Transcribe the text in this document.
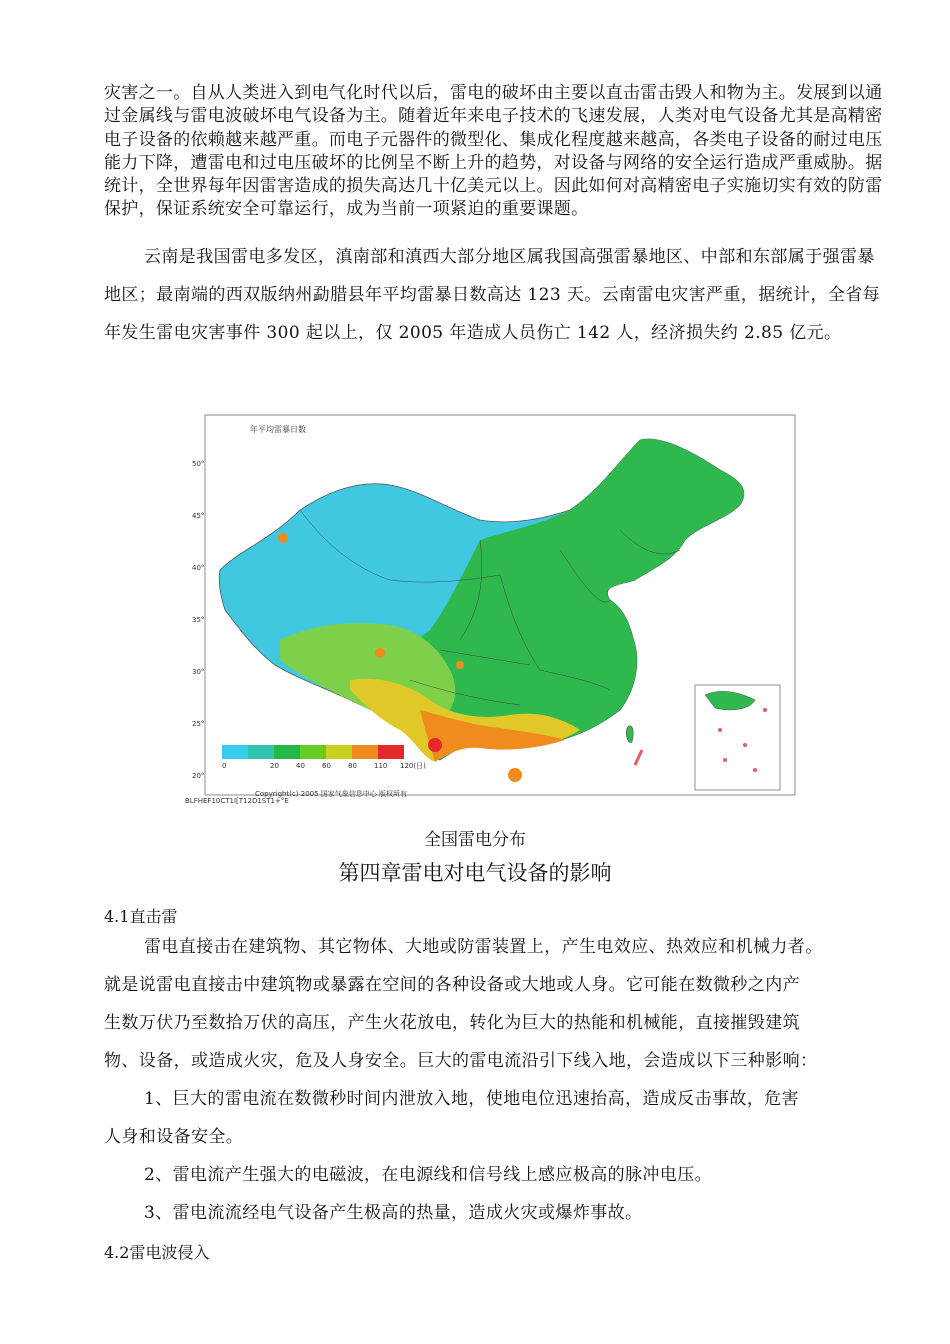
灾害之一。自从人类进入到电气化时代以后，雷电的破坏由主要以直击雷击毁人和物为主。发展到以通过金属线与雷电波破坏电气设备为主。随着近年来电子技术的飞速发展，人类对电气设备尤其是高精密电子设备的依赖越来越严重。而电子元器件的微型化、集成化程度越来越高，各类电子设备的耐过电压能力下降，遭雷电和过电压破坏的比例呈不断上升的趋势，对设备与网络的安全运行造成严重威胁。据统计，全世界每年因雷害造成的损失高达几十亿美元以上。因此如何对高精密电子实施切实有效的防雷保护，保证系统安全可靠运行，成为当前一项紧迫的重要课题。
云南是我国雷电多发区，滇南部和滇西大部分地区属我国高强雷暴地区、中部和东部属于强雷暴地区；最南端的西双版纳州勐腊县年平均雷暴日数高达 123 天。云南雷电灾害严重，据统计，全省每年发生雷电灾害事件 300 起以上，仅 2005 年造成人员伤亡 142 人，经济损失约 2.85 亿元。
年平均雷暴日数
50°
45°
40°
35°
30°
25°
20°
0	20 40 60 80 110 120(日)
Copyright(c) 2005 国家气象信息中心 版权所有
BLFHEF10CT1I[T12D1ST1+°E
全国雷电分布
第四章雷电对电气设备的影响
4.1直击雷
雷电直接击在建筑物、其它物体、大地或防雷装置上，产生电效应、热效应和机械力者。
就是说雷电直接击中建筑物或暴露在空间的各种设备或大地或人身。它可能在数微秒之内产
生数万伏乃至数拾万伏的高压，产生火花放电，转化为巨大的热能和机械能，直接摧毁建筑
物、设备，或造成火灾，危及人身安全。巨大的雷电流沿引下线入地，会造成以下三种影响：
1、巨大的雷电流在数微秒时间内泄放入地，使地电位迅速抬高，造成反击事故，危害
人身和设备安全。
2、雷电流产生强大的电磁波，在电源线和信号线上感应极高的脉冲电压。
3、雷电流流经电气设备产生极高的热量，造成火灾或爆炸事故。
4.2雷电波侵入
